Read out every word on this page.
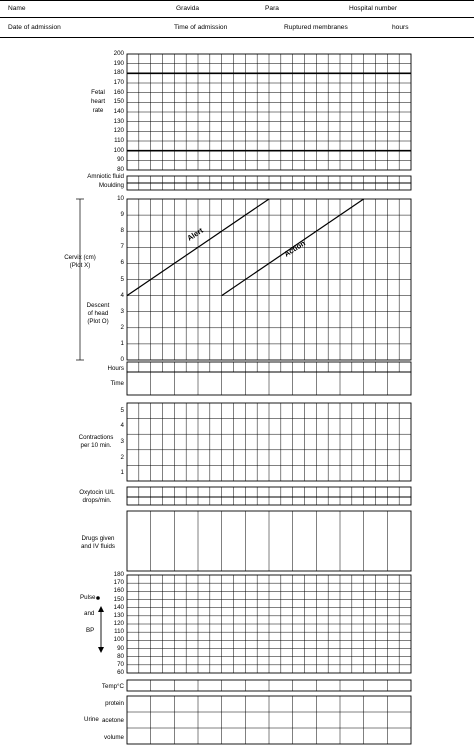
Name	Gravida	Para	Hospital number
Date of admission	Time of admission	Ruptured membranes	hours
Fetal
heart
rate
200
190
180
170
160
150
140
130
120
110
100
90
80
Amniotic fluid
Moulding
Cervix (cm)
(Plot X)
Descent
of head
(Plot O)
10
9
8
7
6
5
4
3
2
1
0
Hours
Time
Contractions
per 10 min.
5
4
3
2
1
Oxytocin U/L
drops/min.
Drugs given
and IV fluids
Pulse
and
BP
180
170
160
150
140
130
120
110
100
90
80
70
60
Temp°C
Urine
protein
acetone
volume
Alert
Action
